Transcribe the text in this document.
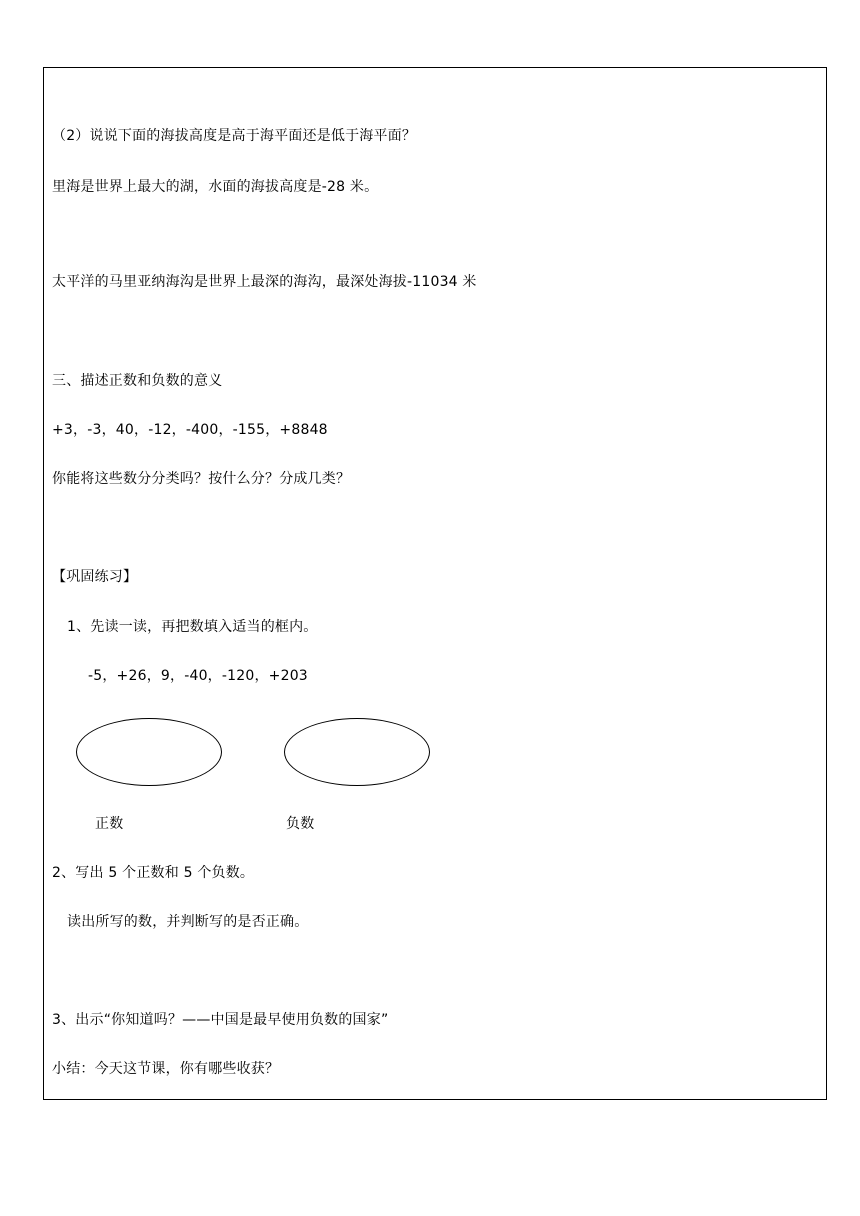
（2）说说下面的海拔高度是高于海平面还是低于海平面？
里海是世界上最大的湖，水面的海拔高度是-28 米。
太平洋的马里亚纳海沟是世界上最深的海沟，最深处海拔-11034 米
三、描述正数和负数的意义
+3，-3，40，-12，-400，-155，+8848
你能将这些数分分类吗？按什么分？分成几类？
【巩固练习】
1、先读一读，再把数填入适当的框内。
-5，+26，9，-40，-120，+203
正数	负数
2、写出 5 个正数和 5 个负数。
读出所写的数，并判断写的是否正确。
3、出示“你知道吗？——中国是最早使用负数的国家”
小结：今天这节课，你有哪些收获？
